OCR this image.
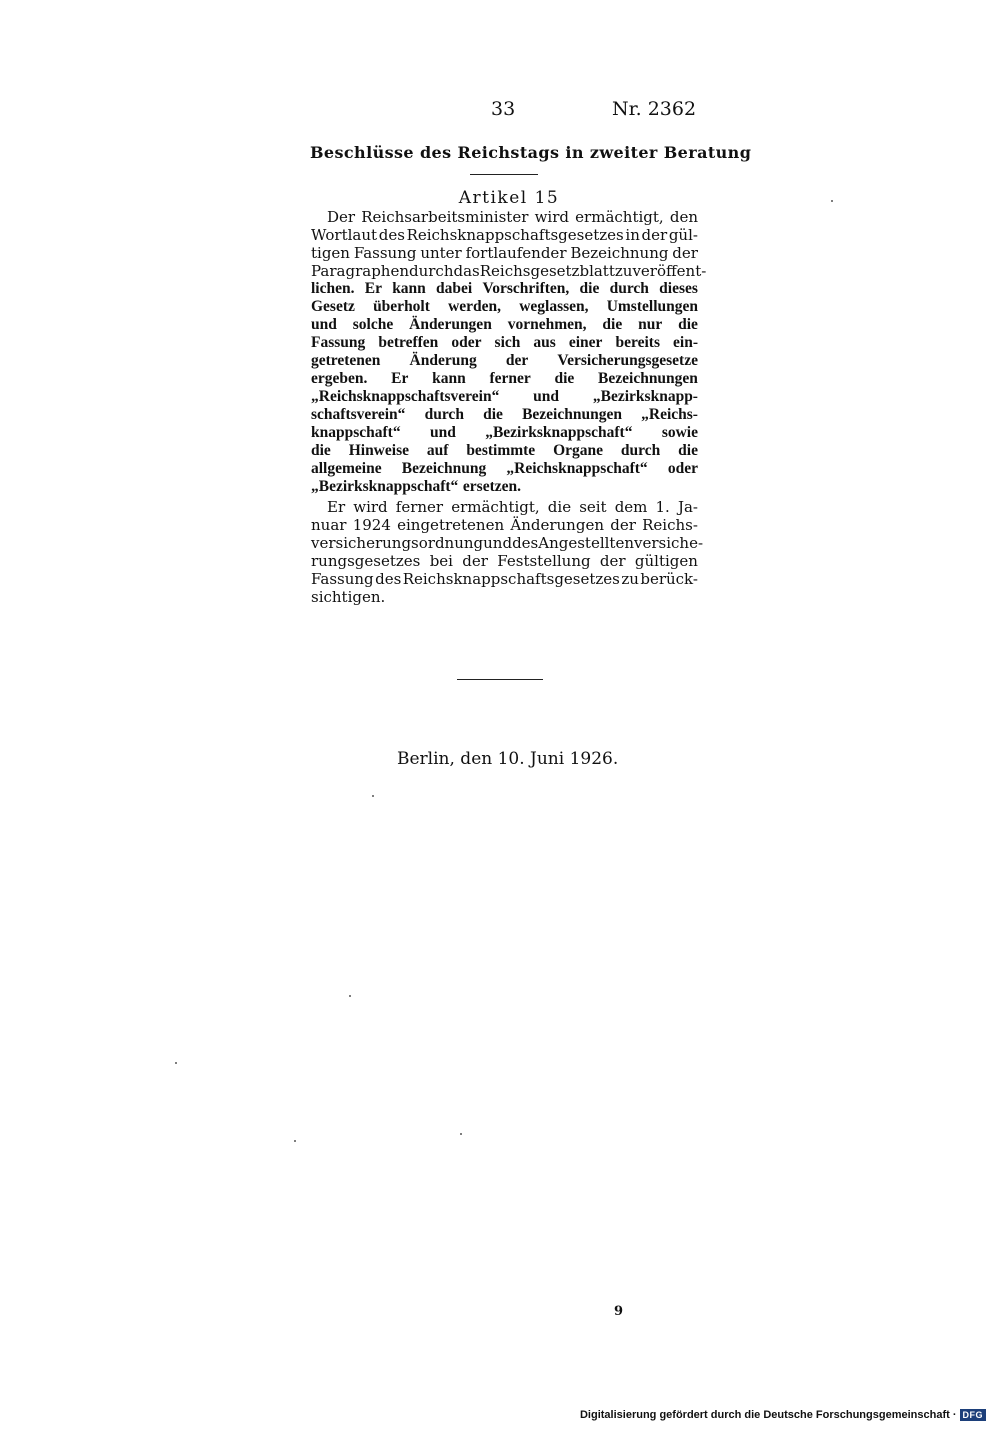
33	Nr. 2362
Beschlüsse des Reichstags in zweiter Beratung
Artikel 15
Der Reichsarbeitsminister wird ermächtigt, den
Wortlaut des Reichsknappschaftsgesetzes in der gül-
tigen Fassung unter fortlaufender Bezeichnung der
Paragraphen durch das Reichsgesetzblatt zu veröffent-
lichen. Er kann dabei Vorschriften, die durch dieses
Gesetz überholt werden, weglassen, Umstellungen
und solche Änderungen vornehmen, die nur die
Fassung betreffen oder sich aus einer bereits ein-
getretenen Änderung der Versicherungsgesetze
ergeben. Er kann ferner die Bezeichnungen
„Reichsknappschaftsverein“ und „Bezirksknapp-
schaftsverein“ durch die Bezeichnungen „Reichs-
knappschaft“ und „Bezirksknappschaft“ sowie
die Hinweise auf bestimmte Organe durch die
allgemeine Bezeichnung „Reichsknappschaft“ oder
„Bezirksknappschaft“ ersetzen.
Er wird ferner ermächtigt, die seit dem 1. Ja-
nuar 1924 eingetretenen Änderungen der Reichs-
versicherungsordnung und des Angestelltenversiche-
rungsgesetzes bei der Feststellung der gültigen
Fassung des Reichsknappschaftsgesetzes zu berück-
sichtigen.
Berlin, den 10. Juni 1926.
9
Digitalisierung gefördert durch die Deutsche Forschungsgemeinschaft · DFG
